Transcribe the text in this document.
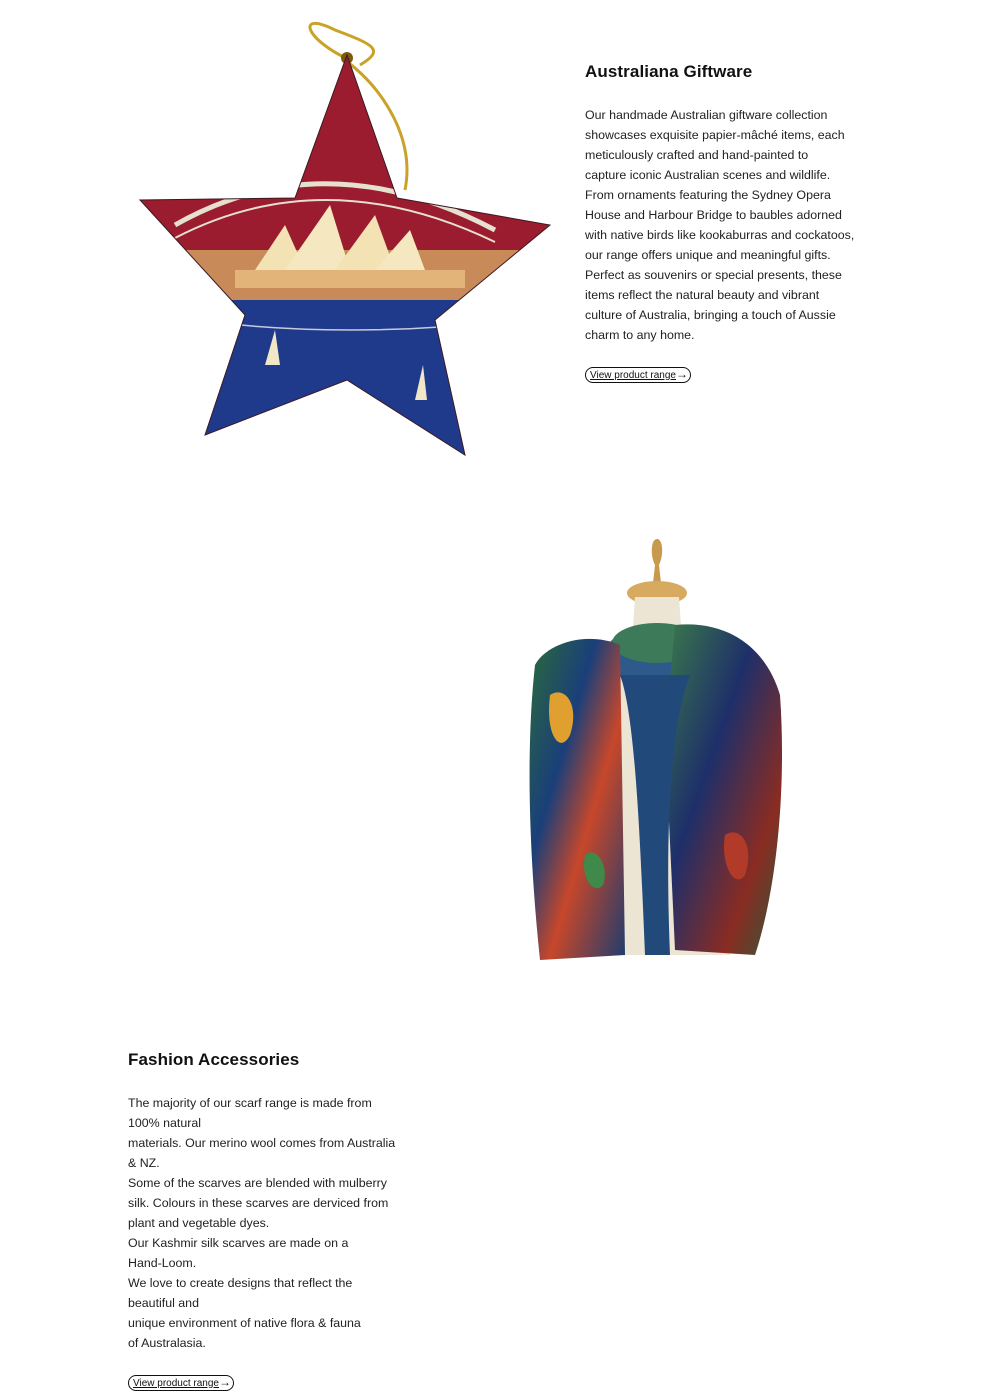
Australiana Giftware
Our handmade Australian giftware collection
showcases exquisite papier-mâché items, each
meticulously crafted and hand-painted to
capture iconic Australian scenes and wildlife.
From ornaments featuring the Sydney Opera
House and Harbour Bridge to baubles adorned
with native birds like kookaburras and cockatoos,
our range offers unique and meaningful gifts.
Perfect as souvenirs or special presents, these
items reflect the natural beauty and vibrant
culture of Australia, bringing a touch of Aussie
charm to any home.
View product range →
Fashion Accessories
The majority of our scarf range is made from
100% natural
materials. Our merino wool comes from Australia
& NZ.
Some of the scarves are blended with mulberry
silk. Colours in these scarves are derviced from
plant and vegetable dyes.
Our Kashmir silk scarves are made on a
Hand-Loom.
We love to create designs that reflect the
beautiful and
unique environment of native flora & fauna
of Australasia.
View product range →
